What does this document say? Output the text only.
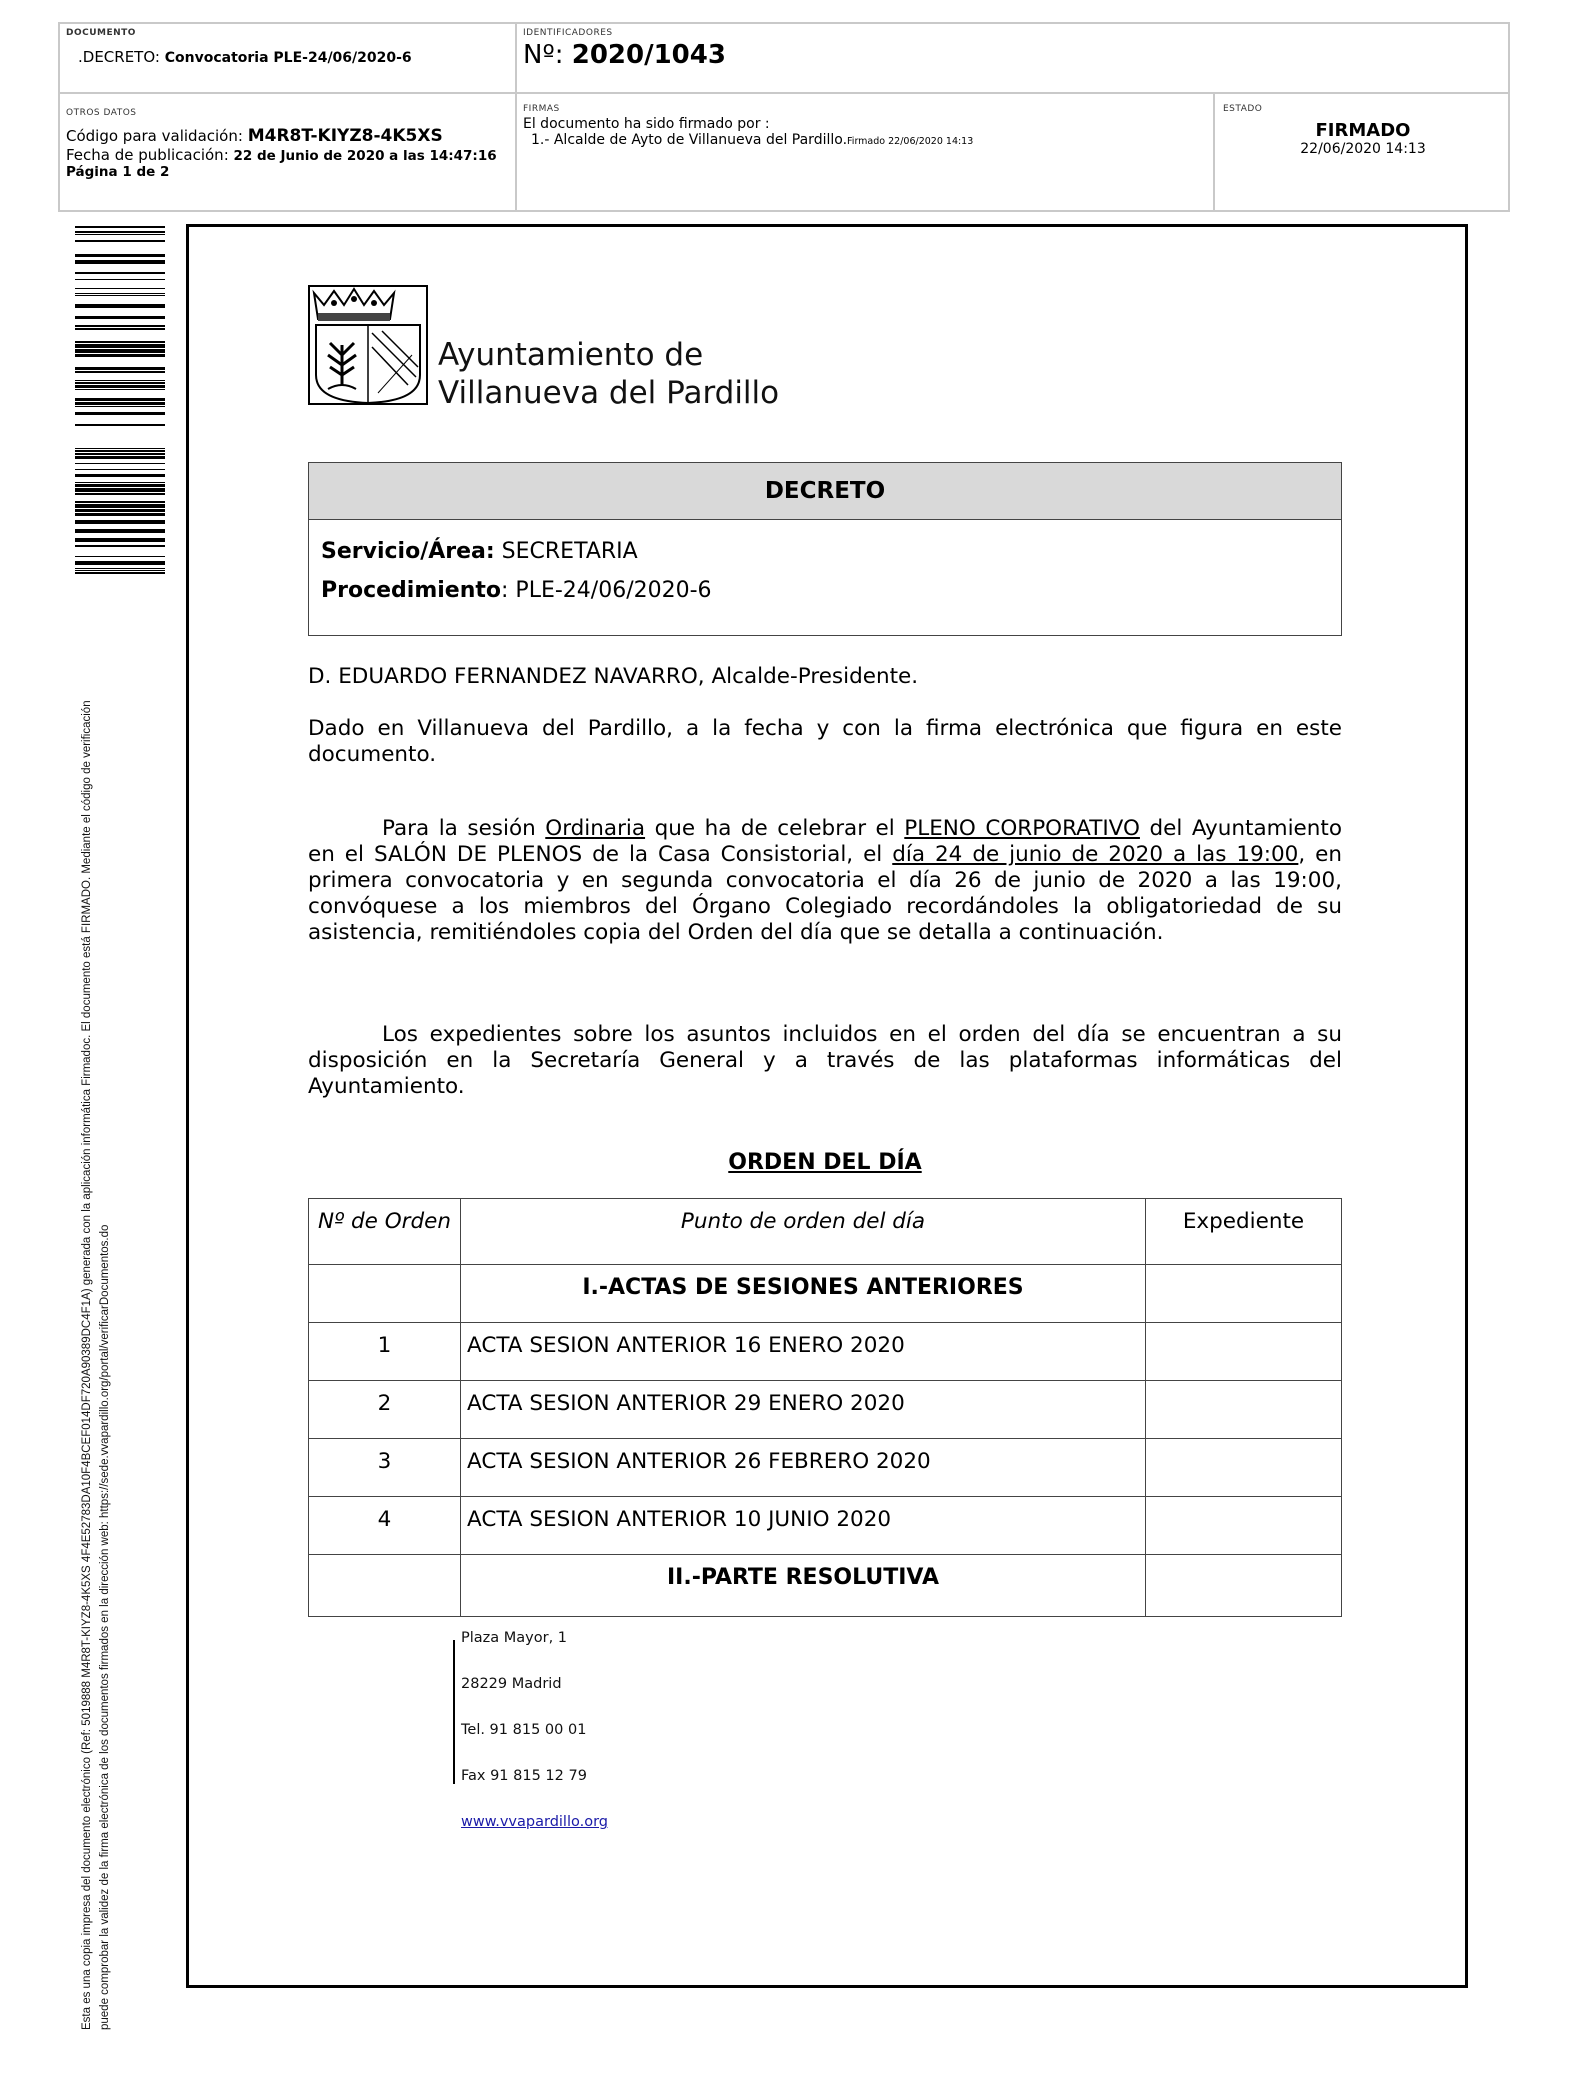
DOCUMENTO
.DECRETO: Convocatoria PLE-24/06/2020-6
IDENTIFICADORES
Nº: 2020/1043
OTROS DATOS
Código para validación: M4R8T-KIYZ8-4K5XS
Fecha de publicación: 22 de Junio de 2020 a las 14:47:16
Página 1 de 2
FIRMAS
El documento ha sido firmado por :
1.- Alcalde de Ayto de Villanueva del Pardillo.Firmado 22/06/2020 14:13
ESTADO
FIRMADO
22/06/2020 14:13
Esta es una copia impresa del documento electrónico (Ref: 5019888 M4R8T-KIYZ8-4K5XS 4F4E52783DA10F4BCEF014DF720A90389DC4F1A) generada con la aplicación informática Firmadoc. El documento está FIRMADO. Mediante el código de verificación puede comprobar la validez de la firma electrónica de los documentos firmados en la dirección web: https://sede.vvapardillo.org/portal/verificarDocumentos.do
Ayuntamiento de
Villanueva del Pardillo
DECRETO
Servicio/Área: SECRETARIA
Procedimiento: PLE-24/06/2020-6
D. EDUARDO FERNANDEZ NAVARRO, Alcalde-Presidente.
Dado en Villanueva del Pardillo, a la fecha y con la firma electrónica que figura en este documento.
Para la sesión Ordinaria que ha de celebrar el PLENO CORPORATIVO del Ayuntamiento en el SALÓN DE PLENOS de la Casa Consistorial, el día 24 de junio de 2020 a las 19:00, en primera convocatoria y en segunda convocatoria el día 26 de junio de 2020 a las 19:00, convóquese a los miembros del Órgano Colegiado recordándoles la obligatoriedad de su asistencia, remitiéndoles copia del Orden del día que se detalla a continuación.
Los expedientes sobre los asuntos incluidos en el orden del día se encuentran a su disposición en la Secretaría General y a través de las plataformas informáticas del Ayuntamiento.
ORDEN DEL DÍA
Nº de Orden	Punto de orden del día	Expediente
	I.-ACTAS DE SESIONES ANTERIORES	
1	ACTA SESION ANTERIOR 16 ENERO 2020	
2	ACTA SESION ANTERIOR 29 ENERO 2020	
3	ACTA SESION ANTERIOR 26 FEBRERO 2020	
4	ACTA SESION ANTERIOR 10 JUNIO 2020	
	II.-PARTE RESOLUTIVA	
Plaza Mayor, 1
28229 Madrid
Tel. 91 815 00 01
Fax 91 815 12 79
www.vvapardillo.org
